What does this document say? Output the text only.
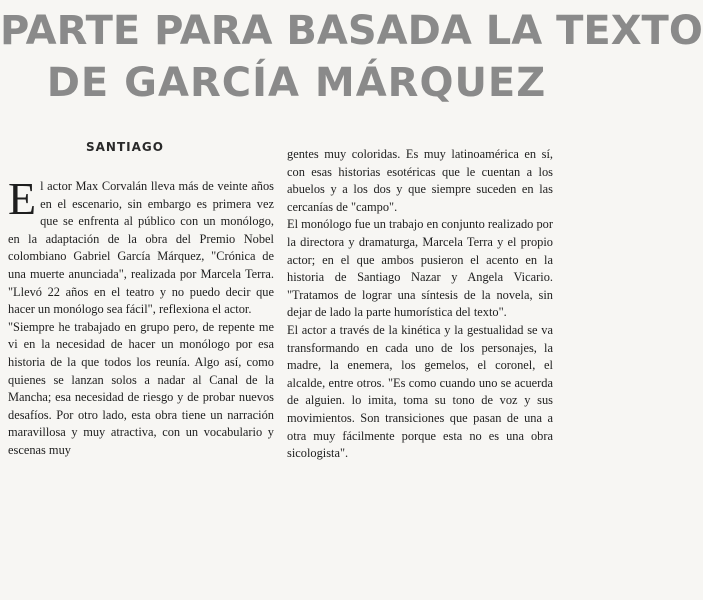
PARTE PARA BASADA LA TEXTO
DE GARCÍA MÁRQUEZ
SANTIAGO

El actor Max Corvalán lleva más de veinte años en el escenario, sin embargo es primera vez que se enfrenta al público con un monólogo, en la adaptación de la obra del Premio Nobel colombiano Gabriel García Márquez, "Crónica de una muerte anunciada", realizada por Marcela Terra. "Llevó 22 años en el teatro y no puedo decir que hacer un monólogo sea fácil", reflexiona el actor.

"Siempre he trabajado en grupo pero, de repente me vi en la necesidad de hacer un monólogo por esa historia de la que todos los reunía. Algo así, como quienes se lanzan solos a nadar al Canal de la Mancha; esa necesidad de riesgo y de probar nuevos desafíos. Por otro lado, esta obra tiene un narración maravillosa y muy atractiva, con un vocabulario y escenas muy

gentes muy coloridas. Es muy latinoamérica en sí, con esas historias esotéricas que le cuentan a los abuelos y a los dos y que siempre suceden en las cercanías de "campo".

El monólogo fue un trabajo en conjunto realizado por la directora y dramaturga, Marcela Terra y el propio actor; en el que ambos pusieron el acento en la historia de Santiago Nazar y Angela Vicario. "Tratamos de lograr una síntesis de la novela, sin dejar de lado la parte humorística del texto".

El actor a través de la kinética y la gestualidad se va transformando en cada uno de los personajes, la madre, la enemera, los gemelos, el coronel, el alcalde, entre otros. "Es como cuando uno se acuerda de alguien. lo imita, toma su tono de voz y sus movimientos. Son transiciones que pasan de una a otra muy fácilmente porque esta no es una obra sicologista".
